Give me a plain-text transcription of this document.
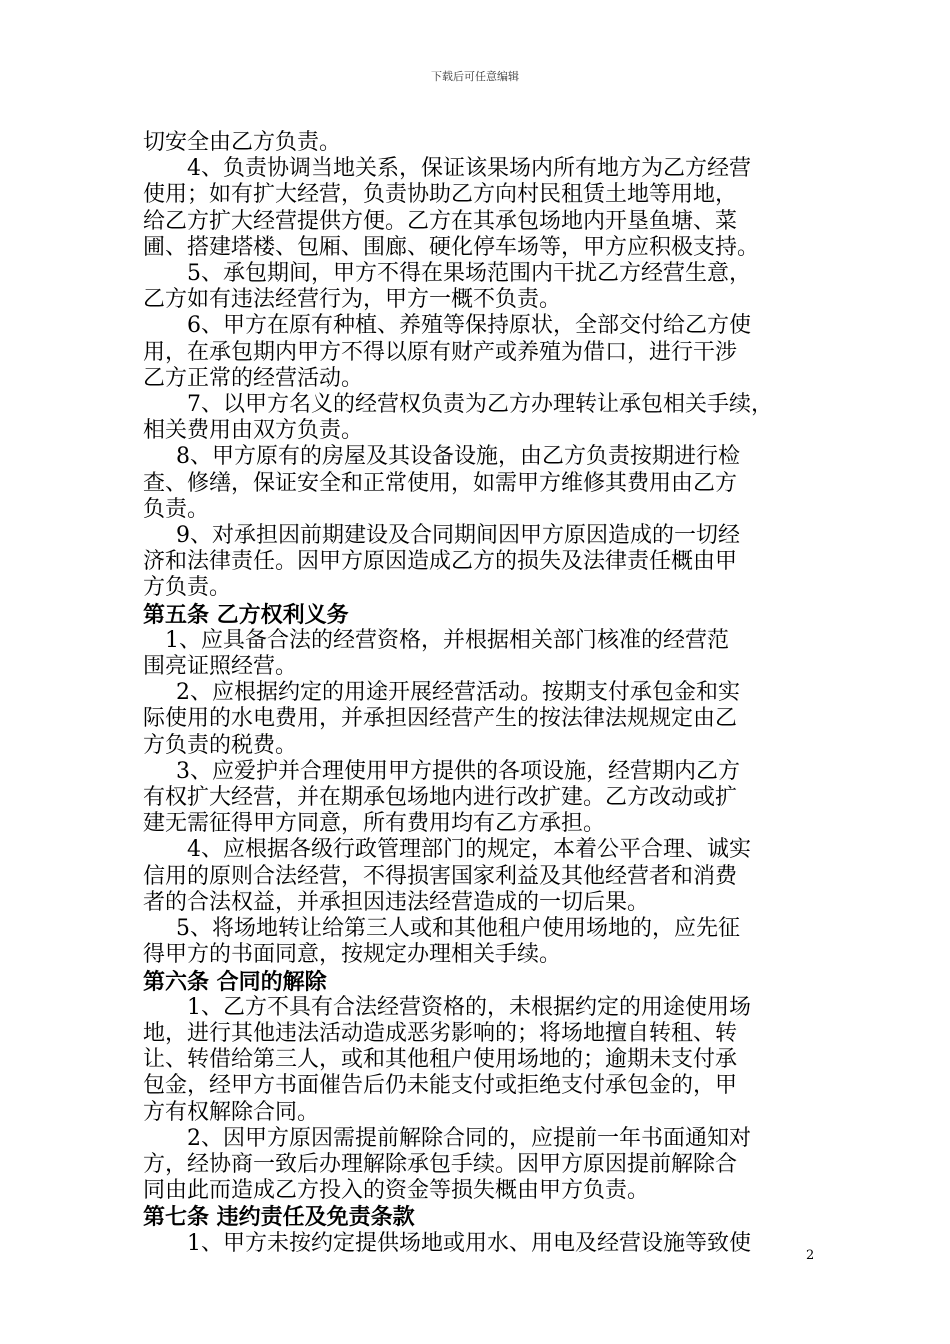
下载后可任意编辑
切安全由乙方负责。
4、负责协调当地关系，保证该果场内所有地方为乙方经营
使用；如有扩大经营，负责协助乙方向村民租赁土地等用地，
给乙方扩大经营提供方便。乙方在其承包场地内开垦鱼塘、菜
圃、搭建塔楼、包厢、围廊、硬化停车场等，甲方应积极支持。
5、承包期间，甲方不得在果场范围内干扰乙方经营生意，
乙方如有违法经营行为，甲方一概不负责。
6、甲方在原有种植、养殖等保持原状，全部交付给乙方使
用，在承包期内甲方不得以原有财产或养殖为借口，进行干涉
乙方正常的经营活动。
7、以甲方名义的经营权负责为乙方办理转让承包相关手续，
相关费用由双方负责。
8、甲方原有的房屋及其设备设施，由乙方负责按期进行检
查、修缮，保证安全和正常使用，如需甲方维修其费用由乙方
负责。
9、对承担因前期建设及合同期间因甲方原因造成的一切经
济和法律责任。因甲方原因造成乙方的损失及法律责任概由甲
方负责。
第五条 乙方权利义务
1、应具备合法的经营资格，并根据相关部门核准的经营范
围亮证照经营。
2、应根据约定的用途开展经营活动。按期支付承包金和实
际使用的水电费用，并承担因经营产生的按法律法规规定由乙
方负责的税费。
3、应爱护并合理使用甲方提供的各项设施，经营期内乙方
有权扩大经营，并在期承包场地内进行改扩建。乙方改动或扩
建无需征得甲方同意，所有费用均有乙方承担。
4、应根据各级行政管理部门的规定，本着公平合理、诚实
信用的原则合法经营，不得损害国家利益及其他经营者和消费
者的合法权益，并承担因违法经营造成的一切后果。
5、将场地转让给第三人或和其他租户使用场地的，应先征
得甲方的书面同意，按规定办理相关手续。
第六条 合同的解除
1、乙方不具有合法经营资格的，未根据约定的用途使用场
地，进行其他违法活动造成恶劣影响的；将场地擅自转租、转
让、转借给第三人，或和其他租户使用场地的；逾期未支付承
包金，经甲方书面催告后仍未能支付或拒绝支付承包金的，甲
方有权解除合同。
2、因甲方原因需提前解除合同的，应提前一年书面通知对
方，经协商一致后办理解除承包手续。因甲方原因提前解除合
同由此而造成乙方投入的资金等损失概由甲方负责。
第七条 违约责任及免责条款
1、甲方未按约定提供场地或用水、用电及经营设施等致使	2
